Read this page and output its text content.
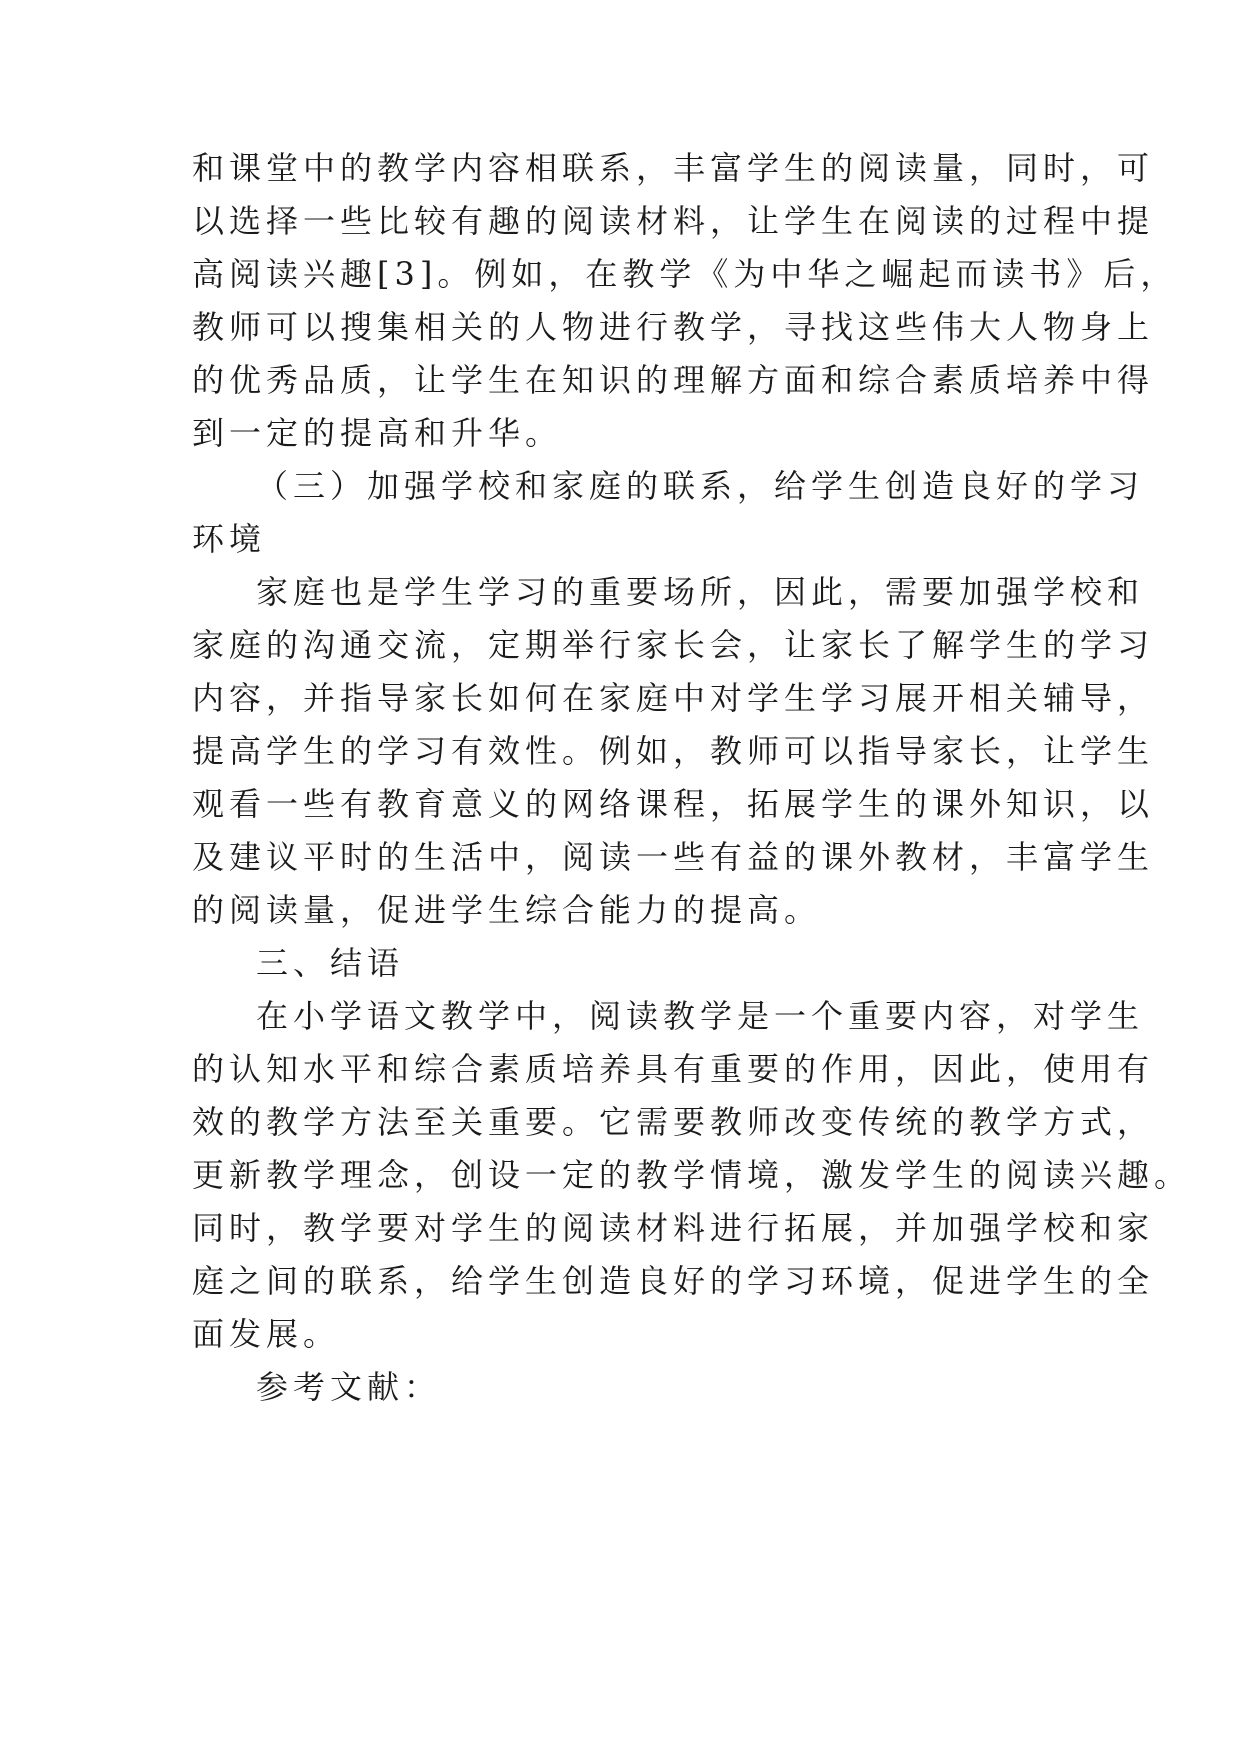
和课堂中的教学内容相联系，丰富学生的阅读量，同时，可
以选择一些比较有趣的阅读材料，让学生在阅读的过程中提
高阅读兴趣[3]。例如，在教学《为中华之崛起而读书》后，
教师可以搜集相关的人物进行教学，寻找这些伟大人物身上
的优秀品质，让学生在知识的理解方面和综合素质培养中得
到一定的提高和升华。
（三）加强学校和家庭的联系，给学生创造良好的学习
环境
家庭也是学生学习的重要场所，因此，需要加强学校和
家庭的沟通交流，定期举行家长会，让家长了解学生的学习
内容，并指导家长如何在家庭中对学生学习展开相关辅导，
提高学生的学习有效性。例如，教师可以指导家长，让学生
观看一些有教育意义的网络课程，拓展学生的课外知识，以
及建议平时的生活中，阅读一些有益的课外教材，丰富学生
的阅读量，促进学生综合能力的提高。
三、结语
在小学语文教学中，阅读教学是一个重要内容，对学生
的认知水平和综合素质培养具有重要的作用，因此，使用有
效的教学方法至关重要。它需要教师改变传统的教学方式，
更新教学理念，创设一定的教学情境，激发学生的阅读兴趣。
同时，教学要对学生的阅读材料进行拓展，并加强学校和家
庭之间的联系，给学生创造良好的学习环境，促进学生的全
面发展。
参考文献：
